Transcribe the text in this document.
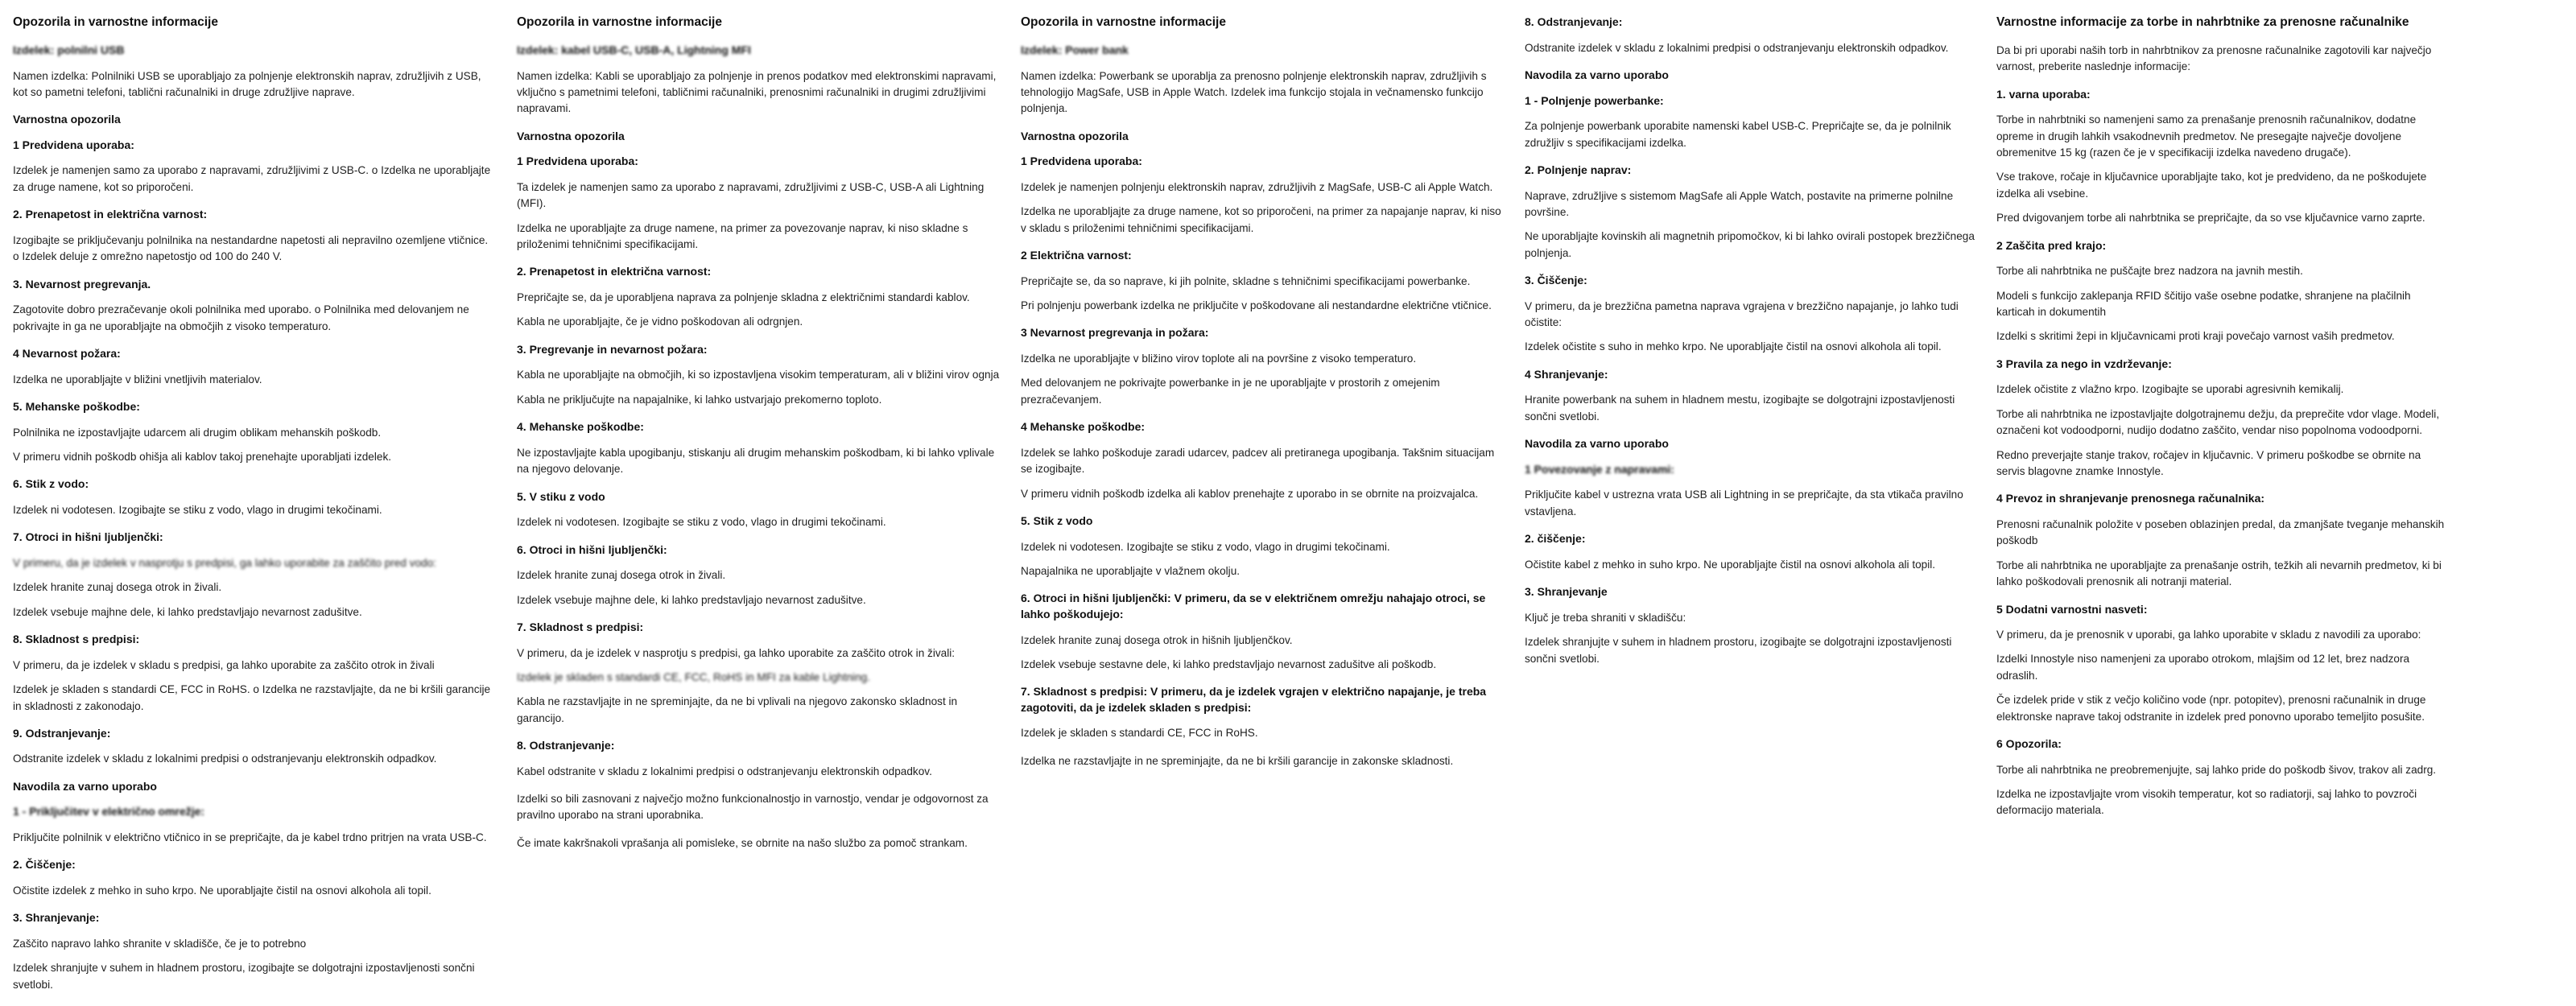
Opozorila in varnostne informacije
Izdelek: polnilni USB
Namen izdelka: Polnilniki USB se uporabljajo za polnjenje elektronskih naprav, združljivih z USB, kot so pametni telefoni, tablični računalniki in druge združljive naprave.
Varnostna opozorila
1 Predvidena uporaba:
Izdelek je namenjen samo za uporabo z napravami, združljivimi z USB-C. o Izdelka ne uporabljajte za druge namene, kot so priporočeni.
2. Prenapetost in električna varnost:
Izogibajte se priključevanju polnilnika na nestandardne napetosti ali nepravilno ozemljene vtičnice. o Izdelek deluje z omrežno napetostjo od 100 do 240 V.
3. Nevarnost pregrevanja.
Zagotovite dobro prezračevanje okoli polnilnika med uporabo. o Polnilnika med delovanjem ne pokrivajte in ga ne uporabljajte na območjih z visoko temperaturo.
4 Nevarnost požara:
Izdelka ne uporabljajte v bližini vnetljivih materialov.
5. Mehanske poškodbe:
Polnilnika ne izpostavljajte udarcem ali drugim oblikam mehanskih poškodb.
V primeru vidnih poškodb ohišja ali kablov takoj prenehajte uporabljati izdelek.
6. Stik z vodo:
Izdelek ni vodotesen. Izogibajte se stiku z vodo, vlago in drugimi tekočinami.
7. Otroci in hišni ljubljenčki:
V primeru, da je izdelek v nasprotju s predpisi, ga lahko uporabite za zaščito pred vodo:
Izdelek hranite zunaj dosega otrok in živali.
Izdelek vsebuje majhne dele, ki lahko predstavljajo nevarnost zadušitve.
8. Skladnost s predpisi:
V primeru, da je izdelek v skladu s predpisi, ga lahko uporabite za zaščito otrok in živali
Izdelek je skladen s standardi CE, FCC in RoHS. o Izdelka ne razstavljajte, da ne bi kršili garancije in skladnosti z zakonodajo.
9. Odstranjevanje:
Odstranite izdelek v skladu z lokalnimi predpisi o odstranjevanju elektronskih odpadkov.
Navodila za varno uporabo
1 - Priključitev v električno omrežje:
Priključite polnilnik v električno vtičnico in se prepričajte, da je kabel trdno pritrjen na vrata USB-C.
2. Čiščenje:
Očistite izdelek z mehko in suho krpo. Ne uporabljajte čistil na osnovi alkohola ali topil.
3. Shranjevanje:
Zaščito napravo lahko shranite v skladišče, če je to potrebno
Izdelek shranjujte v suhem in hladnem prostoru, izogibajte se dolgotrajni izpostavljenosti sončni svetlobi.
Opozorila in varnostne informacije
Izdelek: kabel USB-C, USB-A, Lightning MFI
Namen izdelka: Kabli se uporabljajo za polnjenje in prenos podatkov med elektronskimi napravami, vključno s pametnimi telefoni, tabličnimi računalniki, prenosnimi računalniki in drugimi združljivimi napravami.
Varnostna opozorila
1 Predvidena uporaba:
Ta izdelek je namenjen samo za uporabo z napravami, združljivimi z USB-C, USB-A ali Lightning (MFI).
Izdelka ne uporabljajte za druge namene, na primer za povezovanje naprav, ki niso skladne s priloženimi tehničnimi specifikacijami.
2. Prenapetost in električna varnost:
Prepričajte se, da je uporabljena naprava za polnjenje skladna z električnimi standardi kablov.
Kabla ne uporabljajte, če je vidno poškodovan ali odrgnjen.
3. Pregrevanje in nevarnost požara:
Kabla ne uporabljajte na območjih, ki so izpostavljena visokim temperaturam, ali v bližini virov ognja
Kabla ne priključujte na napajalnike, ki lahko ustvarjajo prekomerno toploto.
4. Mehanske poškodbe:
Ne izpostavljajte kabla upogibanju, stiskanju ali drugim mehanskim poškodbam, ki bi lahko vplivale na njegovo delovanje.
5. V stiku z vodo
Izdelek ni vodotesen. Izogibajte se stiku z vodo, vlago in drugimi tekočinami.
6. Otroci in hišni ljubljenčki:
Izdelek hranite zunaj dosega otrok in živali.
Izdelek vsebuje majhne dele, ki lahko predstavljajo nevarnost zadušitve.
7. Skladnost s predpisi:
V primeru, da je izdelek v nasprotju s predpisi, ga lahko uporabite za zaščito otrok in živali:
Izdelek je skladen s standardi CE, FCC, RoHS in MFI za kable Lightning.
Kabla ne razstavljajte in ne spreminjajte, da ne bi vplivali na njegovo zakonsko skladnost in garancijo.
8. Odstranjevanje:
Kabel odstranite v skladu z lokalnimi predpisi o odstranjevanju elektronskih odpadkov.
Izdelki so bili zasnovani z največjo možno funkcionalnostjo in varnostjo, vendar je odgovornost za pravilno uporabo na strani uporabnika.
Če imate kakršnakoli vprašanja ali pomisleke, se obrnite na našo službo za pomoč strankam.
Opozorila in varnostne informacije
Izdelek: Power bank
Namen izdelka: Powerbank se uporablja za prenosno polnjenje elektronskih naprav, združljivih s tehnologijo MagSafe, USB in Apple Watch. Izdelek ima funkcijo stojala in večnamensko funkcijo polnjenja.
Varnostna opozorila
1 Predvidena uporaba:
Izdelek je namenjen polnjenju elektronskih naprav, združljivih z MagSafe, USB-C ali Apple Watch.
Izdelka ne uporabljajte za druge namene, kot so priporočeni, na primer za napajanje naprav, ki niso v skladu s priloženimi tehničnimi specifikacijami.
2 Električna varnost:
Prepričajte se, da so naprave, ki jih polnite, skladne s tehničnimi specifikacijami powerbanke.
Pri polnjenju powerbank izdelka ne priključite v poškodovane ali nestandardne električne vtičnice.
3 Nevarnost pregrevanja in požara:
Izdelka ne uporabljajte v bližino virov toplote ali na površine z visoko temperaturo.
Med delovanjem ne pokrivajte powerbanke in je ne uporabljajte v prostorih z omejenim prezračevanjem.
4 Mehanske poškodbe:
Izdelek se lahko poškoduje zaradi udarcev, padcev ali pretiranega upogibanja. Takšnim situacijam se izogibajte.
V primeru vidnih poškodb izdelka ali kablov prenehajte z uporabo in se obrnite na proizvajalca.
5. Stik z vodo
Izdelek ni vodotesen. Izogibajte se stiku z vodo, vlago in drugimi tekočinami.
Napajalnika ne uporabljajte v vlažnem okolju.
6. Otroci in hišni ljubljenčki: V primeru, da se v električnem omrežju nahajajo otroci, se lahko poškodujejo:
Izdelek hranite zunaj dosega otrok in hišnih ljubljenčkov.
Izdelek vsebuje sestavne dele, ki lahko predstavljajo nevarnost zadušitve ali poškodb.
7. Skladnost s predpisi: V primeru, da je izdelek vgrajen v električno napajanje, je treba zagotoviti, da je izdelek skladen s predpisi:
Izdelek je skladen s standardi CE, FCC in RoHS.
Izdelka ne razstavljajte in ne spreminjajte, da ne bi kršili garancije in zakonske skladnosti.
8. Odstranjevanje:
Odstranite izdelek v skladu z lokalnimi predpisi o odstranjevanju elektronskih odpadkov.
Navodila za varno uporabo
1 - Polnjenje powerbanke:
Za polnjenje powerbank uporabite namenski kabel USB-C. Prepričajte se, da je polnilnik združljiv s specifikacijami izdelka.
2. Polnjenje naprav:
Naprave, združljive s sistemom MagSafe ali Apple Watch, postavite na primerne polnilne površine.
Ne uporabljajte kovinskih ali magnetnih pripomočkov, ki bi lahko ovirali postopek brezžičnega polnjenja.
3. Čiščenje:
V primeru, da je brezžična pametna naprava vgrajena v brezžično napajanje, jo lahko tudi očistite:
Izdelek očistite s suho in mehko krpo. Ne uporabljajte čistil na osnovi alkohola ali topil.
4 Shranjevanje:
Hranite powerbank na suhem in hladnem mestu, izogibajte se dolgotrajni izpostavljenosti sončni svetlobi.
Navodila za varno uporabo
1 Povezovanje z napravami:
Priključite kabel v ustrezna vrata USB ali Lightning in se prepričajte, da sta vtikača pravilno vstavljena.
2. čiščenje:
Očistite kabel z mehko in suho krpo. Ne uporabljajte čistil na osnovi alkohola ali topil.
3. Shranjevanje
Ključ je treba shraniti v skladišču:
Izdelek shranjujte v suhem in hladnem prostoru, izogibajte se dolgotrajni izpostavljenosti sončni svetlobi.
Varnostne informacije za torbe in nahrbtnike za prenosne računalnike
Da bi pri uporabi naših torb in nahrbtnikov za prenosne računalnike zagotovili kar največjo varnost, preberite naslednje informacije:
1. varna uporaba:
Torbe in nahrbtniki so namenjeni samo za prenašanje prenosnih računalnikov, dodatne opreme in drugih lahkih vsakodnevnih predmetov. Ne presegajte največje dovoljene obremenitve 15 kg (razen če je v specifikaciji izdelka navedeno drugače).
Vse trakove, ročaje in ključavnice uporabljajte tako, kot je predvideno, da ne poškodujete izdelka ali vsebine.
Pred dvigovanjem torbe ali nahrbtnika se prepričajte, da so vse ključavnice varno zaprte.
2 Zaščita pred krajo:
Torbe ali nahrbtnika ne puščajte brez nadzora na javnih mestih.
Modeli s funkcijo zaklepanja RFID ščitijo vaše osebne podatke, shranjene na plačilnih karticah in dokumentih
Izdelki s skritimi žepi in ključavnicami proti kraji povečajo varnost vaših predmetov.
3 Pravila za nego in vzdrževanje:
Izdelek očistite z vlažno krpo. Izogibajte se uporabi agresivnih kemikalij.
Torbe ali nahrbtnika ne izpostavljajte dolgotrajnemu dežju, da preprečite vdor vlage. Modeli, označeni kot vodoodporni, nudijo dodatno zaščito, vendar niso popolnoma vodoodporni.
Redno preverjajte stanje trakov, ročajev in ključavnic. V primeru poškodbe se obrnite na servis blagovne znamke Innostyle.
4 Prevoz in shranjevanje prenosnega računalnika:
Prenosni računalnik položite v poseben oblazinjen predal, da zmanjšate tveganje mehanskih poškodb
Torbe ali nahrbtnika ne uporabljajte za prenašanje ostrih, težkih ali nevarnih predmetov, ki bi lahko poškodovali prenosnik ali notranji material.
5 Dodatni varnostni nasveti:
V primeru, da je prenosnik v uporabi, ga lahko uporabite v skladu z navodili za uporabo:
Izdelki Innostyle niso namenjeni za uporabo otrokom, mlajšim od 12 let, brez nadzora odraslih.
Če izdelek pride v stik z večjo količino vode (npr. potopitev), prenosni računalnik in druge elektronske naprave takoj odstranite in izdelek pred ponovno uporabo temeljito posušite.
6 Opozorila:
Torbe ali nahrbtnika ne preobremenjujte, saj lahko pride do poškodb šivov, trakov ali zadrg.
Izdelka ne izpostavljajte vrom visokih temperatur, kot so radiatorji, saj lahko to povzroči deformacijo materiala.
